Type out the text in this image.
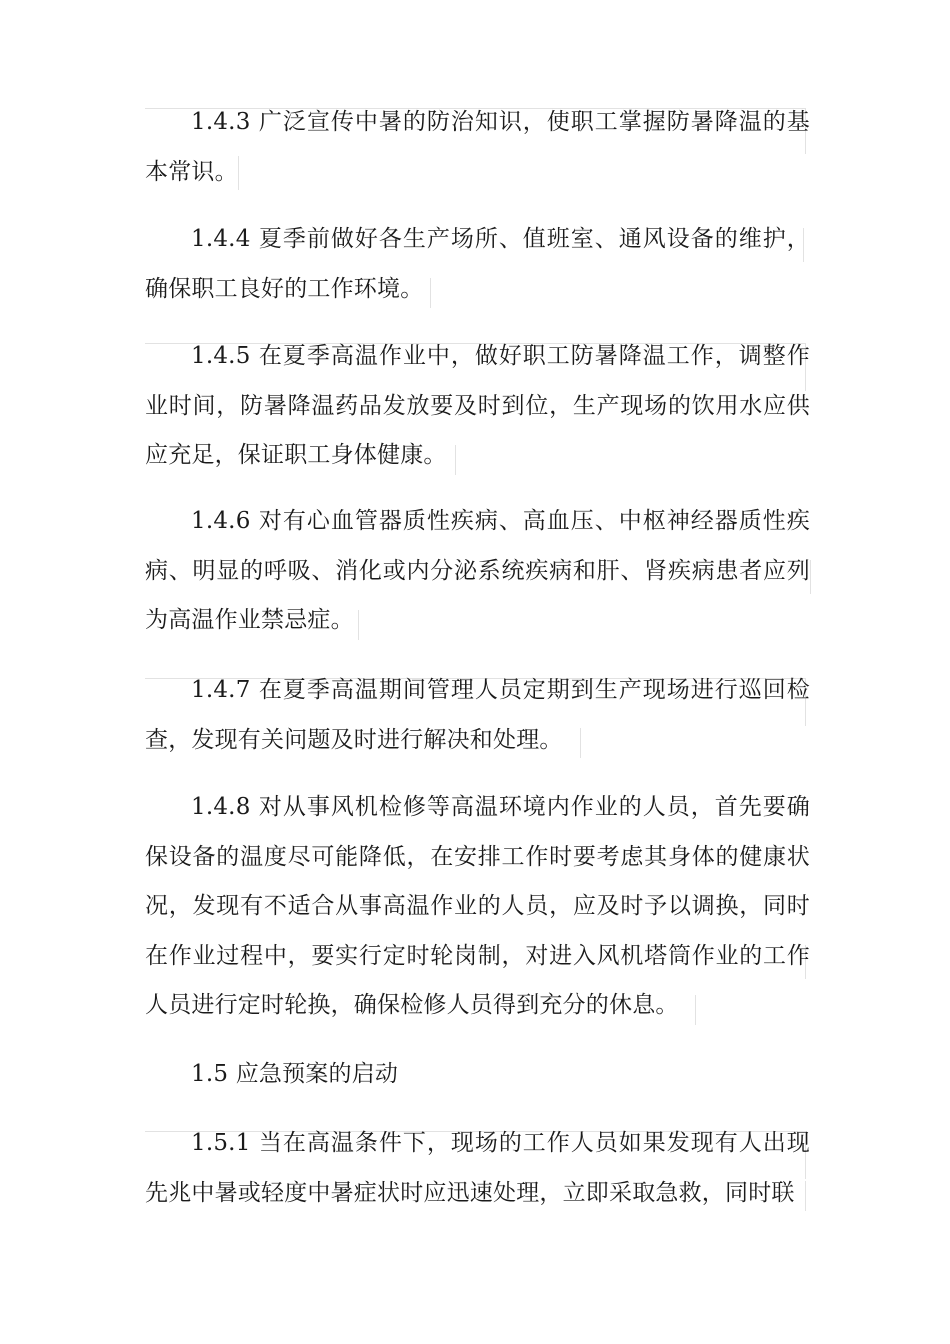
1.4.3 广泛宣传中暑的防治知识，使职工掌握防暑降温的基本常识。

1.4.4 夏季前做好各生产场所、值班室、通风设备的维护，确保职工良好的工作环境。

1.4.5 在夏季高温作业中，做好职工防暑降温工作，调整作业时间，防暑降温药品发放要及时到位，生产现场的饮用水应供应充足，保证职工身体健康。

1.4.6 对有心血管器质性疾病、高血压、中枢神经器质性疾病、明显的呼吸、消化或内分泌系统疾病和肝、肾疾病患者应列为高温作业禁忌症。

1.4.7 在夏季高温期间管理人员定期到生产现场进行巡回检查，发现有关问题及时进行解决和处理。

1.4.8 对从事风机检修等高温环境内作业的人员，首先要确保设备的温度尽可能降低，在安排工作时要考虑其身体的健康状况，发现有不适合从事高温作业的人员，应及时予以调换，同时在作业过程中，要实行定时轮岗制，对进入风机塔筒作业的工作人员进行定时轮换，确保检修人员得到充分的休息。

1.5 应急预案的启动

1.5.1 当在高温条件下，现场的工作人员如果发现有人出现先兆中暑或轻度中暑症状时应迅速处理，立即采取急救，同时联
